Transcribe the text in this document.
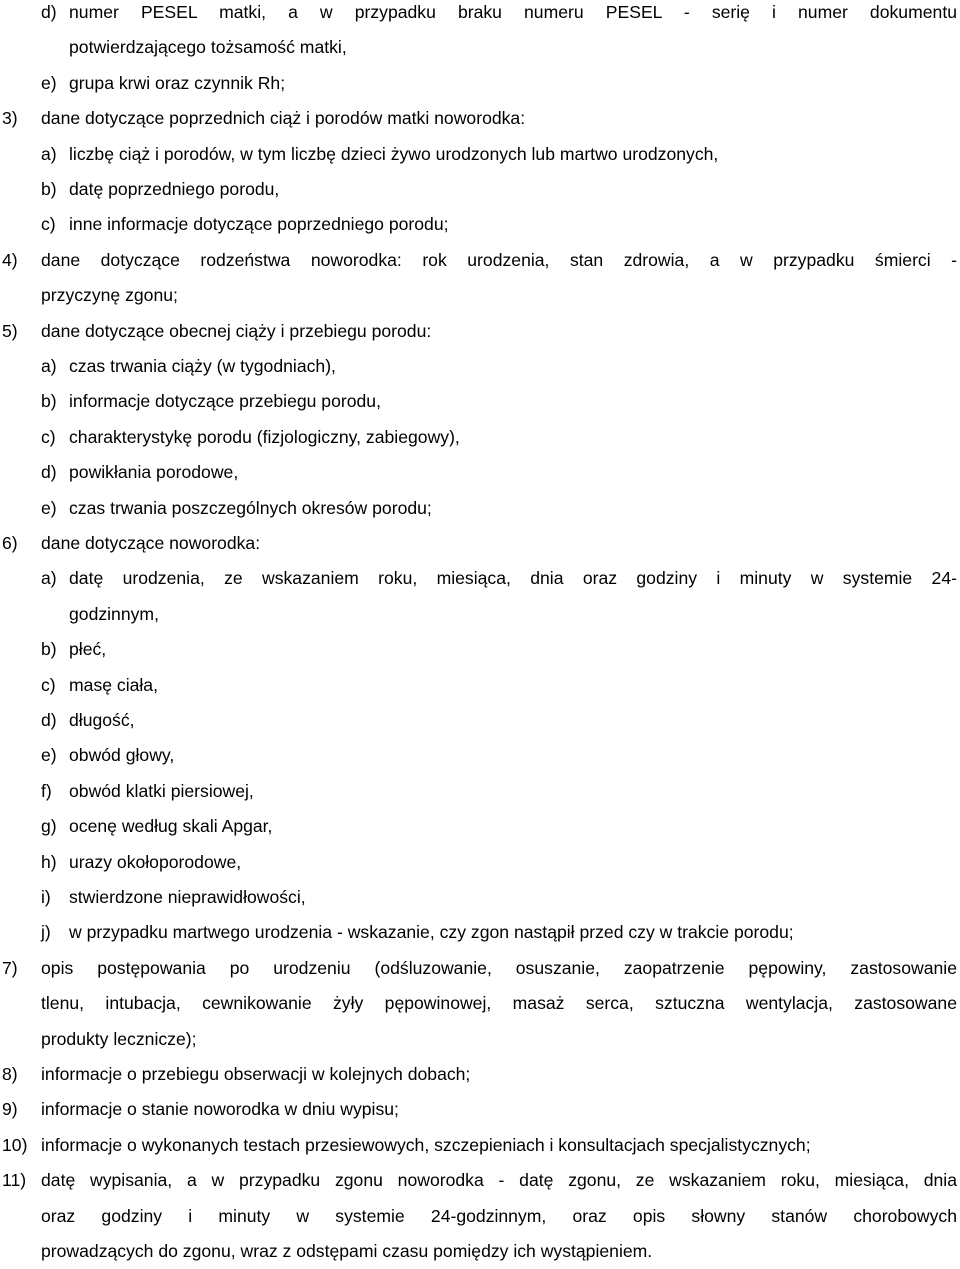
d) numer PESEL matki, a w przypadku braku numeru PESEL - serię i numer dokumentu
potwierdzającego tożsamość matki,
e) grupa krwi oraz czynnik Rh;
3) dane dotyczące poprzednich ciąż i porodów matki noworodka:
a) liczbę ciąż i porodów, w tym liczbę dzieci żywo urodzonych lub martwo urodzonych,
b) datę poprzedniego porodu,
c) inne informacje dotyczące poprzedniego porodu;
4) dane dotyczące rodzeństwa noworodka: rok urodzenia, stan zdrowia, a w przypadku śmierci -
przyczynę zgonu;
5) dane dotyczące obecnej ciąży i przebiegu porodu:
a) czas trwania ciąży (w tygodniach),
b) informacje dotyczące przebiegu porodu,
c) charakterystykę porodu (fizjologiczny, zabiegowy),
d) powikłania porodowe,
e) czas trwania poszczególnych okresów porodu;
6) dane dotyczące noworodka:
a) datę urodzenia, ze wskazaniem roku, miesiąca, dnia oraz godziny i minuty w systemie 24-
godzinnym,
b) płeć,
c) masę ciała,
d) długość,
e) obwód głowy,
f) obwód klatki piersiowej,
g) ocenę według skali Apgar,
h) urazy okołoporodowe,
i) stwierdzone nieprawidłowości,
j) w przypadku martwego urodzenia - wskazanie, czy zgon nastąpił przed czy w trakcie porodu;
7) opis postępowania po urodzeniu (odśluzowanie, osuszanie, zaopatrzenie pępowiny, zastosowanie
tlenu, intubacja, cewnikowanie żyły pępowinowej, masaż serca, sztuczna wentylacja, zastosowane
produkty lecznicze);
8) informacje o przebiegu obserwacji w kolejnych dobach;
9) informacje o stanie noworodka w dniu wypisu;
10) informacje o wykonanych testach przesiewowych, szczepieniach i konsultacjach specjalistycznych;
11) datę wypisania, a w przypadku zgonu noworodka - datę zgonu, ze wskazaniem roku, miesiąca, dnia
oraz godziny i minuty w systemie 24-godzinnym, oraz opis słowny stanów chorobowych
prowadzących do zgonu, wraz z odstępami czasu pomiędzy ich wystąpieniem.
